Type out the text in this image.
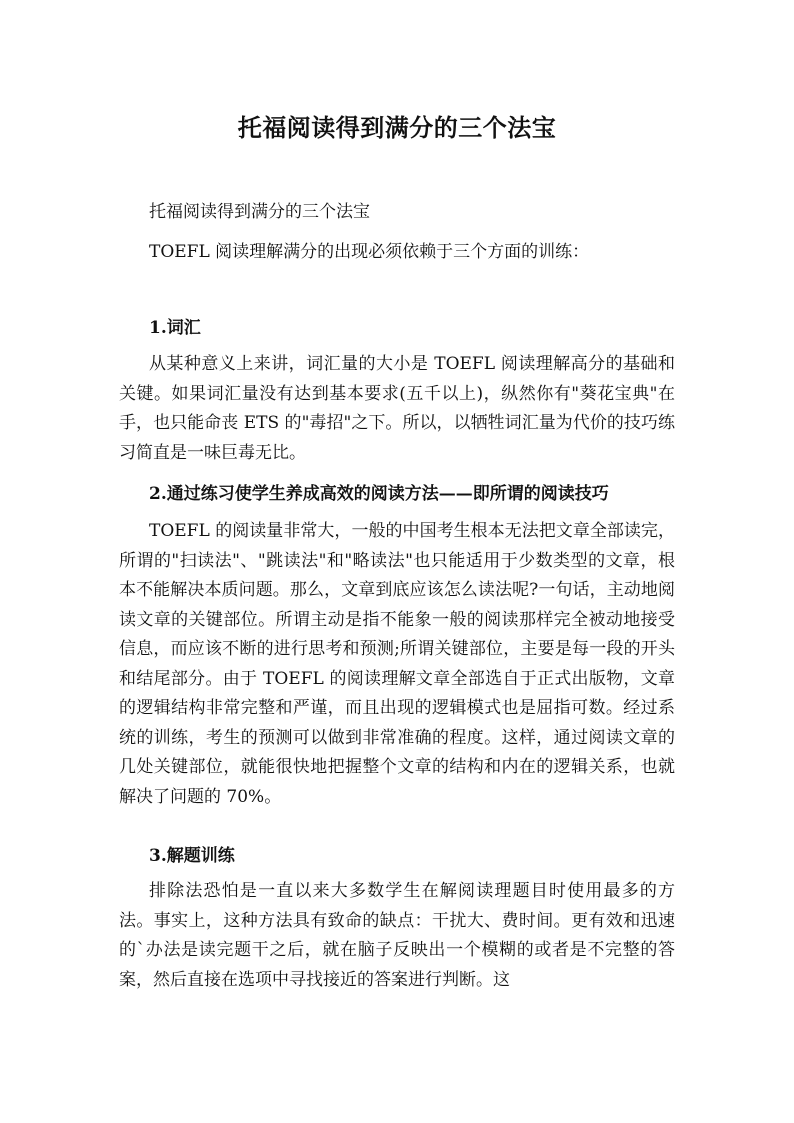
托福阅读得到满分的三个法宝

托福阅读得到满分的三个法宝

TOEFL 阅读理解满分的出现必须依赖于三个方面的训练：

1.词汇

从某种意义上来讲，词汇量的大小是 TOEFL 阅读理解高分的基础和关键。如果词汇量没有达到基本要求(五千以上)，纵然你有"葵花宝典"在手，也只能命丧 ETS 的"毒招"之下。所以，以牺牲词汇量为代价的技巧练习简直是一味巨毒无比。

2.通过练习使学生养成高效的阅读方法——即所谓的阅读技巧

TOEFL 的阅读量非常大，一般的中国考生根本无法把文章全部读完，所谓的"扫读法"、"跳读法"和"略读法"也只能适用于少数类型的文章，根本不能解决本质问题。那么，文章到底应该怎么读法呢?一句话，主动地阅读文章的关键部位。所谓主动是指不能象一般的阅读那样完全被动地接受信息，而应该不断的进行思考和预测;所谓关键部位，主要是每一段的开头和结尾部分。由于 TOEFL 的阅读理解文章全部选自于正式出版物，文章的逻辑结构非常完整和严谨，而且出现的逻辑模式也是屈指可数。经过系统的训练，考生的预测可以做到非常准确的程度。这样，通过阅读文章的几处关键部位，就能很快地把握整个文章的结构和内在的逻辑关系，也就解决了问题的 70%。

3.解题训练

排除法恐怕是一直以来大多数学生在解阅读理题目时使用最多的方法。事实上，这种方法具有致命的缺点：干扰大、费时间。更有效和迅速的`办法是读完题干之后，就在脑子反映出一个模糊的或者是不完整的答案，然后直接在选项中寻找接近的答案进行判断。这
